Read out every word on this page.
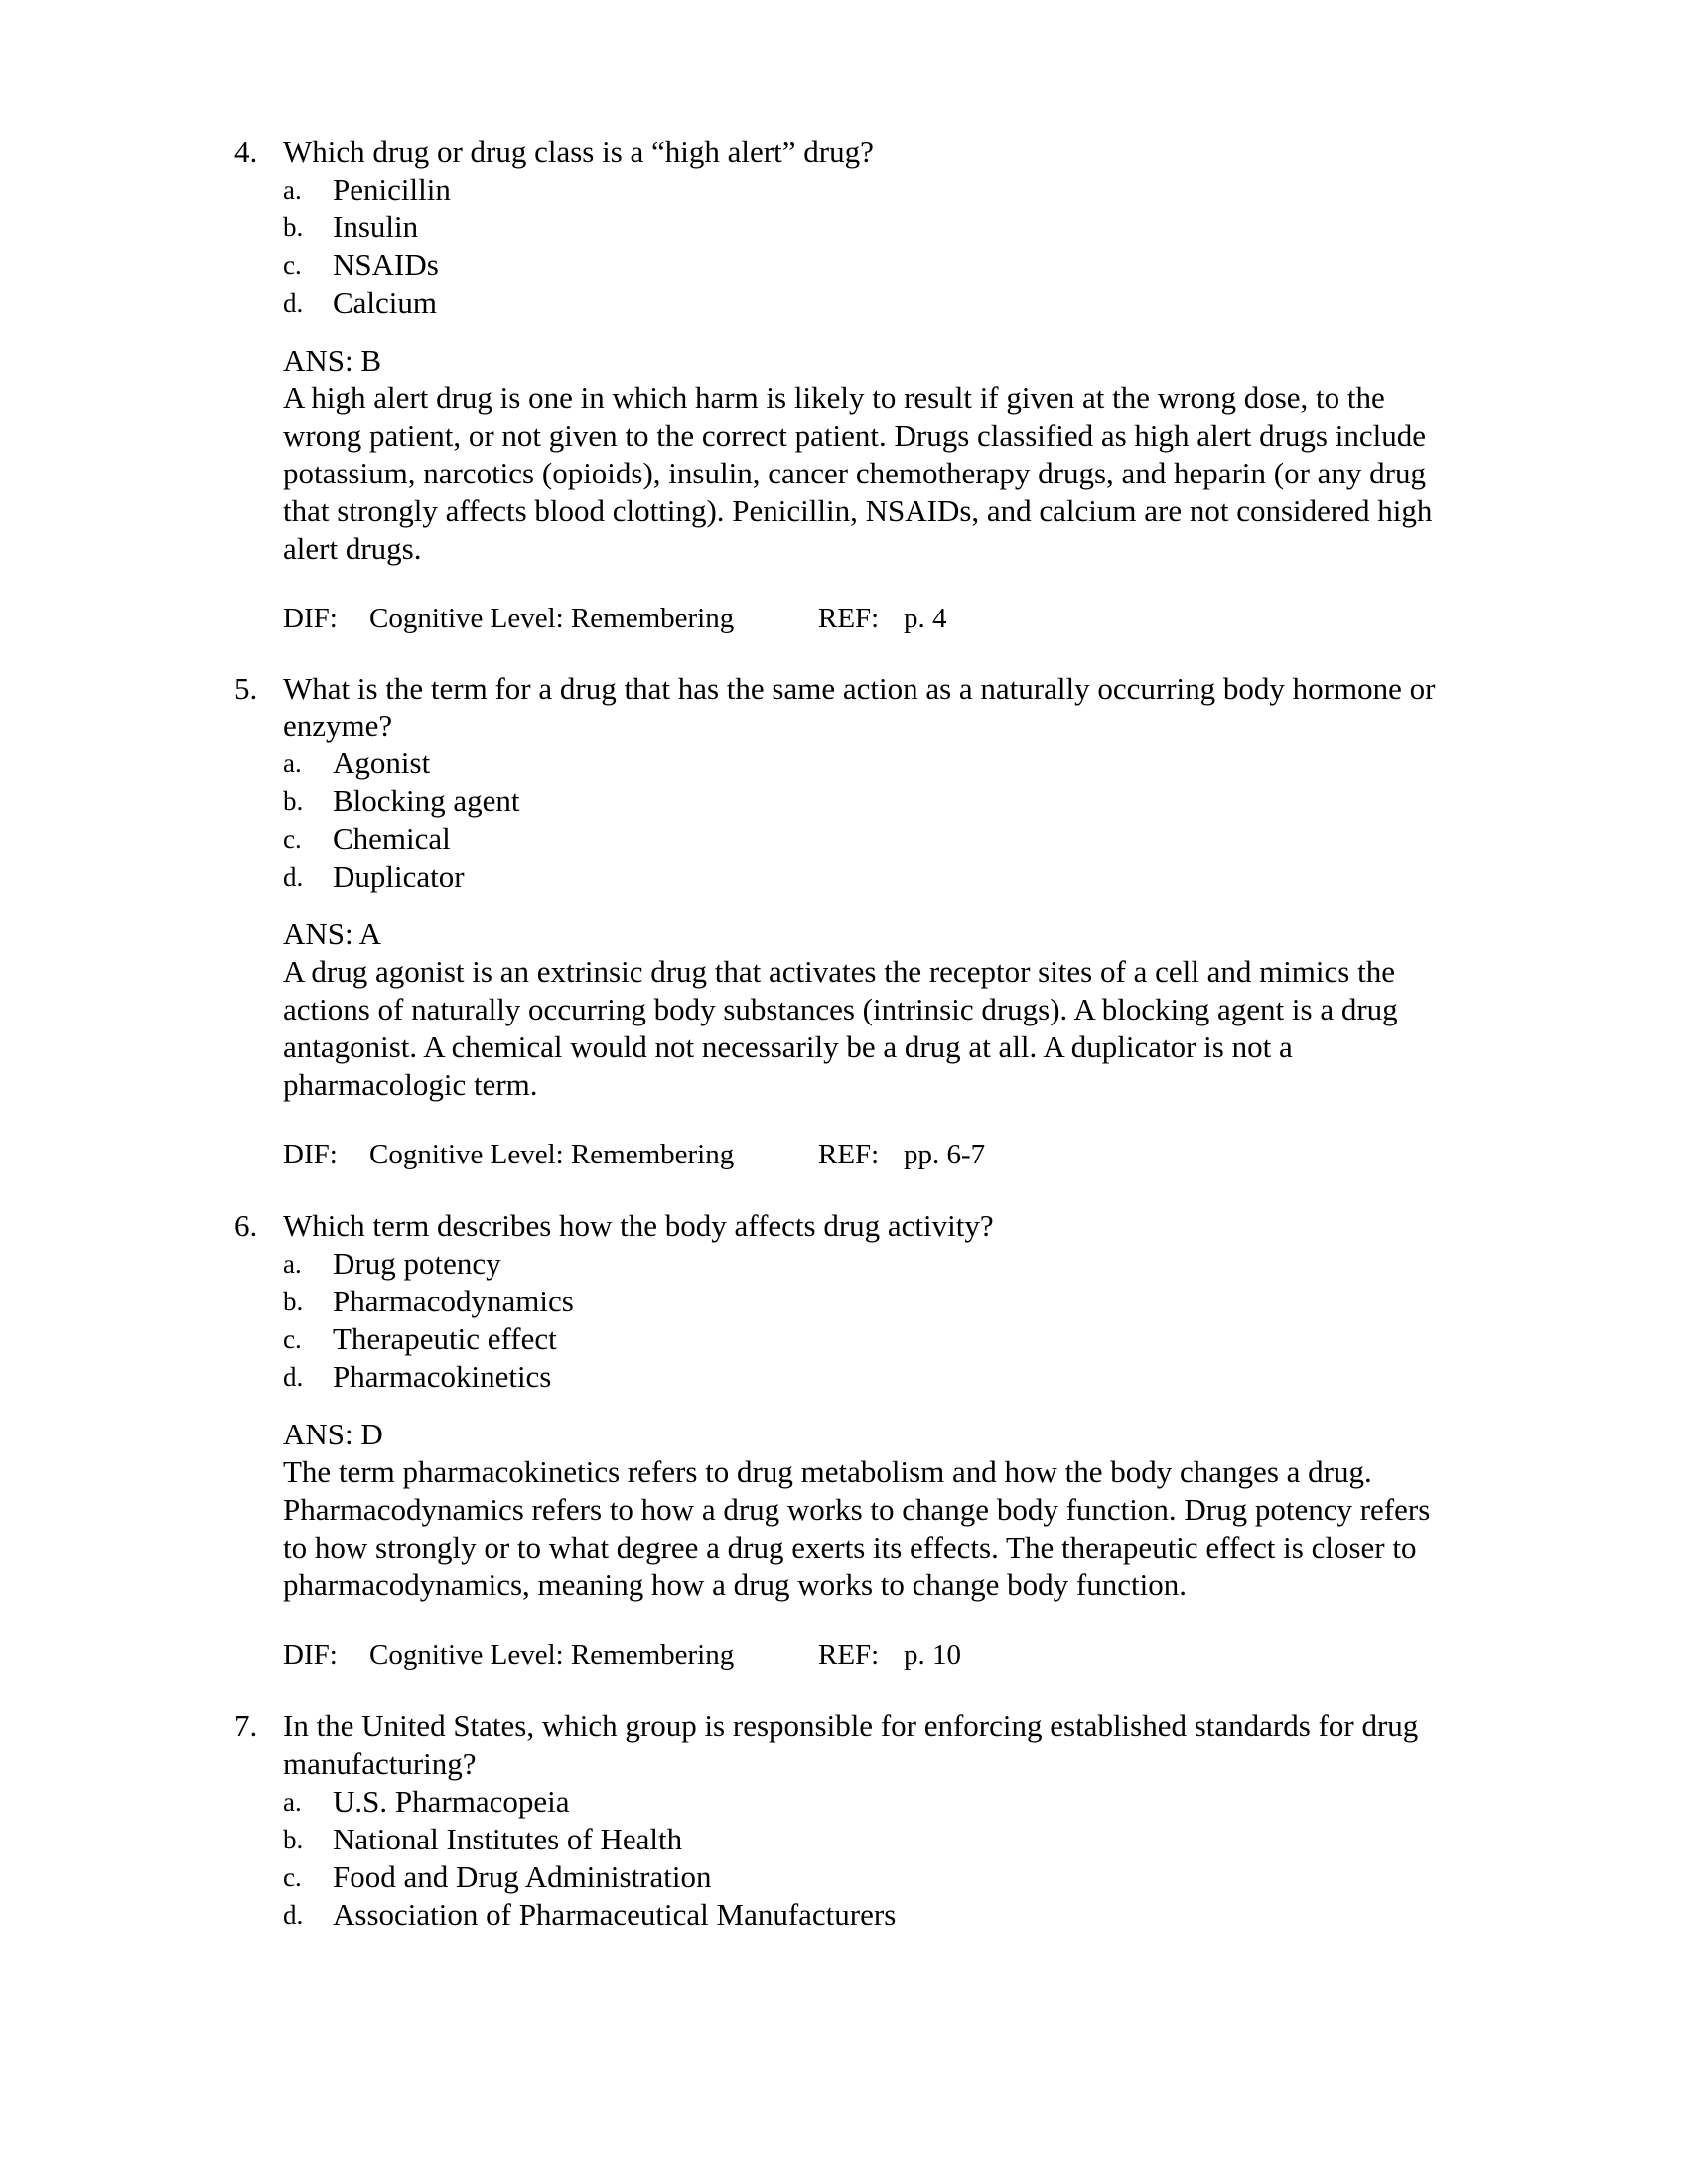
4. Which drug or drug class is a “high alert” drug?
a. Penicillin
b. Insulin
c. NSAIDs
d. Calcium
ANS: B
A high alert drug is one in which harm is likely to result if given at the wrong dose, to the
wrong patient, or not given to the correct patient. Drugs classified as high alert drugs include
potassium, narcotics (opioids), insulin, cancer chemotherapy drugs, and heparin (or any drug
that strongly affects blood clotting). Penicillin, NSAIDs, and calcium are not considered high
alert drugs.
DIF: Cognitive Level: Remembering	REF: p. 4
5. What is the term for a drug that has the same action as a naturally occurring body hormone or
enzyme?
a. Agonist
b. Blocking agent
c. Chemical
d. Duplicator
ANS: A
A drug agonist is an extrinsic drug that activates the receptor sites of a cell and mimics the
actions of naturally occurring body substances (intrinsic drugs). A blocking agent is a drug
antagonist. A chemical would not necessarily be a drug at all. A duplicator is not a
pharmacologic term.
DIF: Cognitive Level: Remembering	REF: pp. 6-7
6. Which term describes how the body affects drug activity?
a. Drug potency
b. Pharmacodynamics
c. Therapeutic effect
d. Pharmacokinetics
ANS: D
The term pharmacokinetics refers to drug metabolism and how the body changes a drug.
Pharmacodynamics refers to how a drug works to change body function. Drug potency refers
to how strongly or to what degree a drug exerts its effects. The therapeutic effect is closer to
pharmacodynamics, meaning how a drug works to change body function.
DIF: Cognitive Level: Remembering	REF: p. 10
7. In the United States, which group is responsible for enforcing established standards for drug
manufacturing?
a. U.S. Pharmacopeia
b. National Institutes of Health
c. Food and Drug Administration
d. Association of Pharmaceutical Manufacturers
